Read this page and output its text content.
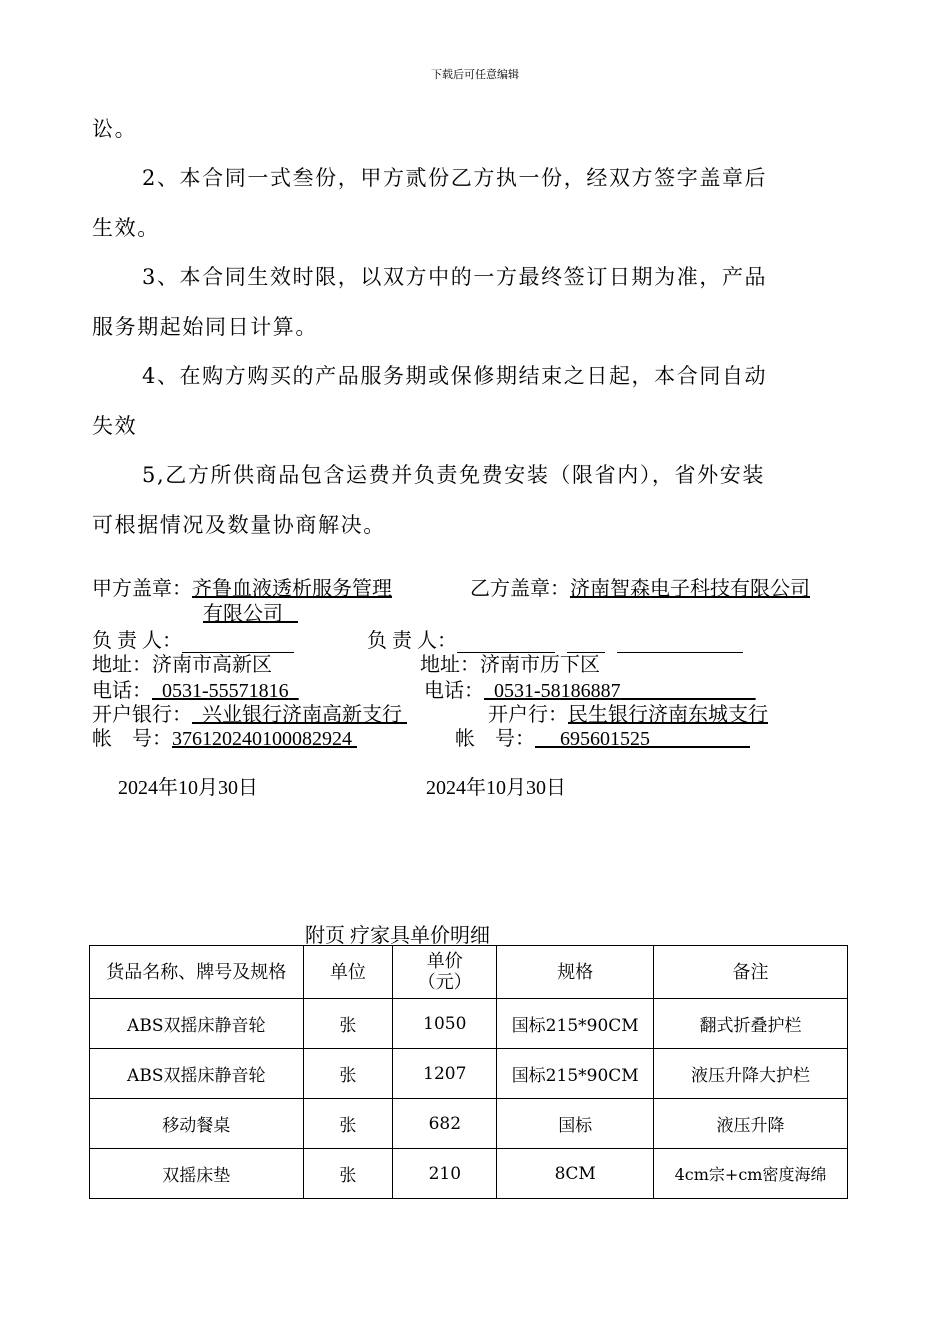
下载后可任意编辑
讼。
2、本合同一式叁份，甲方贰份乙方执一份，经双方签字盖章后
生效。
3、本合同生效时限，以双方中的一方最终签订日期为准，产品
服务期起始同日计算。
4、在购方购买的产品服务期或保修期结束之日起，本合同自动
失效
5,乙方所供商品包含运费并负责免费安装（限省内），省外安装
可根据情况及数量协商解决。
甲方盖章：齐鲁血液透析服务管理
有限公司
负 责 人：
地址：济南市高新区
电话： 0531-55571816
开户银行： 兴业银行济南高新支行
帐    号：376120240100082924
2024年10月30日
乙方盖章：济南智森电子科技有限公司
负 责 人：
地址：济南市历下区
电话： 0531-58186887
开户行：民生银行济南东城支行
帐    号： 695601525
2024年10月30日
附页 疗家具单价明细
货品名称、牌号及规格	单位	单价（元）	规格	备注
ABS双摇床静音轮	张	1050	国标215*90CM	翻式折叠护栏
ABS双摇床静音轮	张	1207	国标215*90CM	液压升降大护栏
移动餐桌	张	682	国标	液压升降
双摇床垫	张	210	8CM	4cm宗+cm密度海绵
